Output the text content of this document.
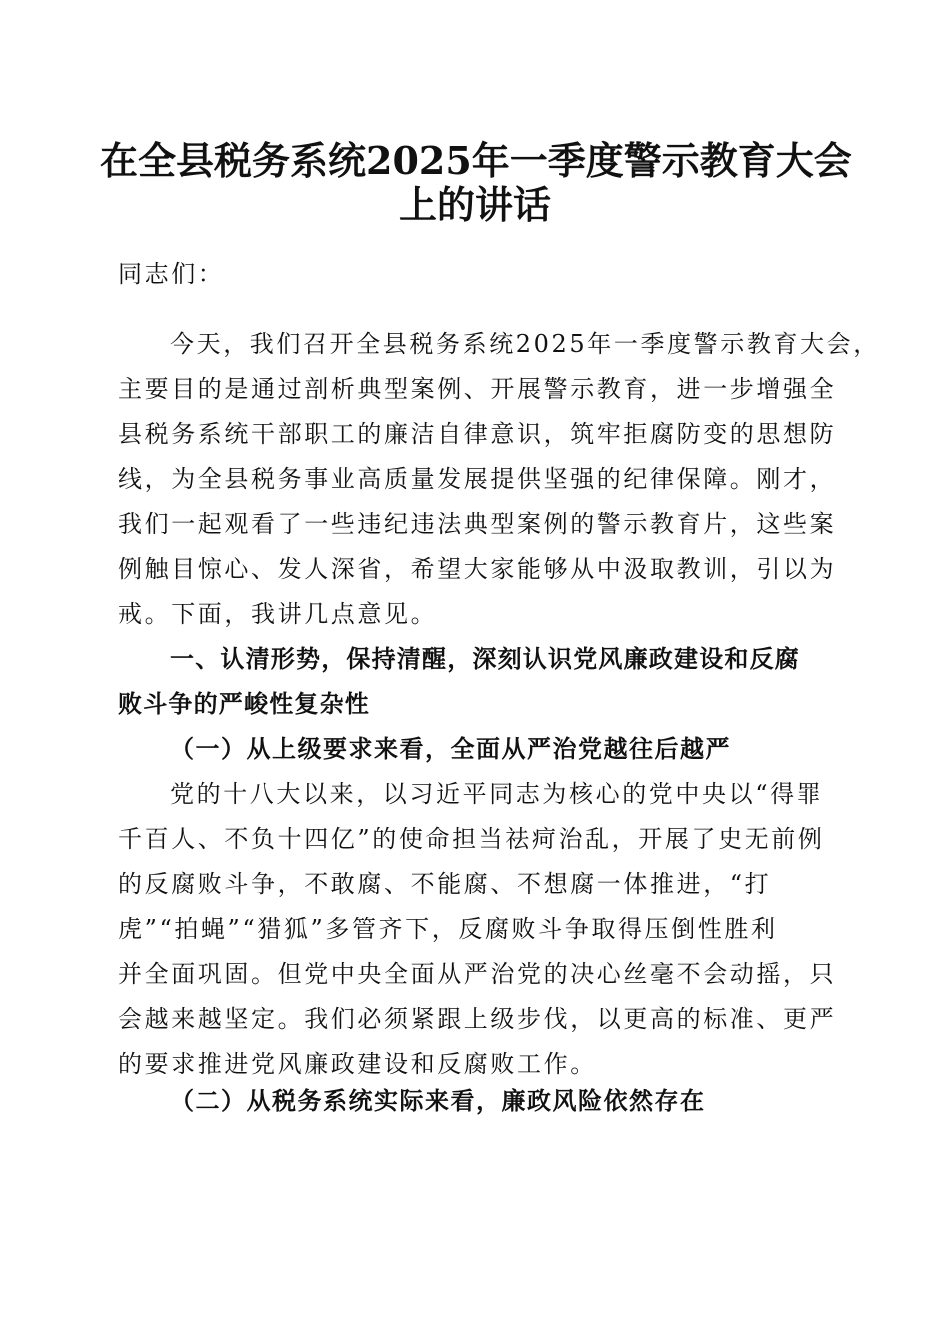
在全县税务系统2025年一季度警示教育大会
上的讲话

同志们：

今天，我们召开全县税务系统2025年一季度警示教育大会，

主要目的是通过剖析典型案例、开展警示教育，进一步增强全

县税务系统干部职工的廉洁自律意识，筑牢拒腐防变的思想防

线，为全县税务事业高质量发展提供坚强的纪律保障。刚才，

我们一起观看了一些违纪违法典型案例的警示教育片，这些案

例触目惊心、发人深省，希望大家能够从中汲取教训，引以为

戒。下面，我讲几点意见。

一、认清形势，保持清醒，深刻认识党风廉政建设和反腐

败斗争的严峻性复杂性

（一）从上级要求来看，全面从严治党越往后越严

党的十八大以来，以习近平同志为核心的党中央以“得罪

千百人、不负十四亿”的使命担当祛疴治乱，开展了史无前例

的反腐败斗争，不敢腐、不能腐、不想腐一体推进，“打

虎”“拍蝇”“猎狐”多管齐下，反腐败斗争取得压倒性胜利

并全面巩固。但党中央全面从严治党的决心丝毫不会动摇，只

会越来越坚定。我们必须紧跟上级步伐，以更高的标准、更严

的要求推进党风廉政建设和反腐败工作。

（二）从税务系统实际来看，廉政风险依然存在
